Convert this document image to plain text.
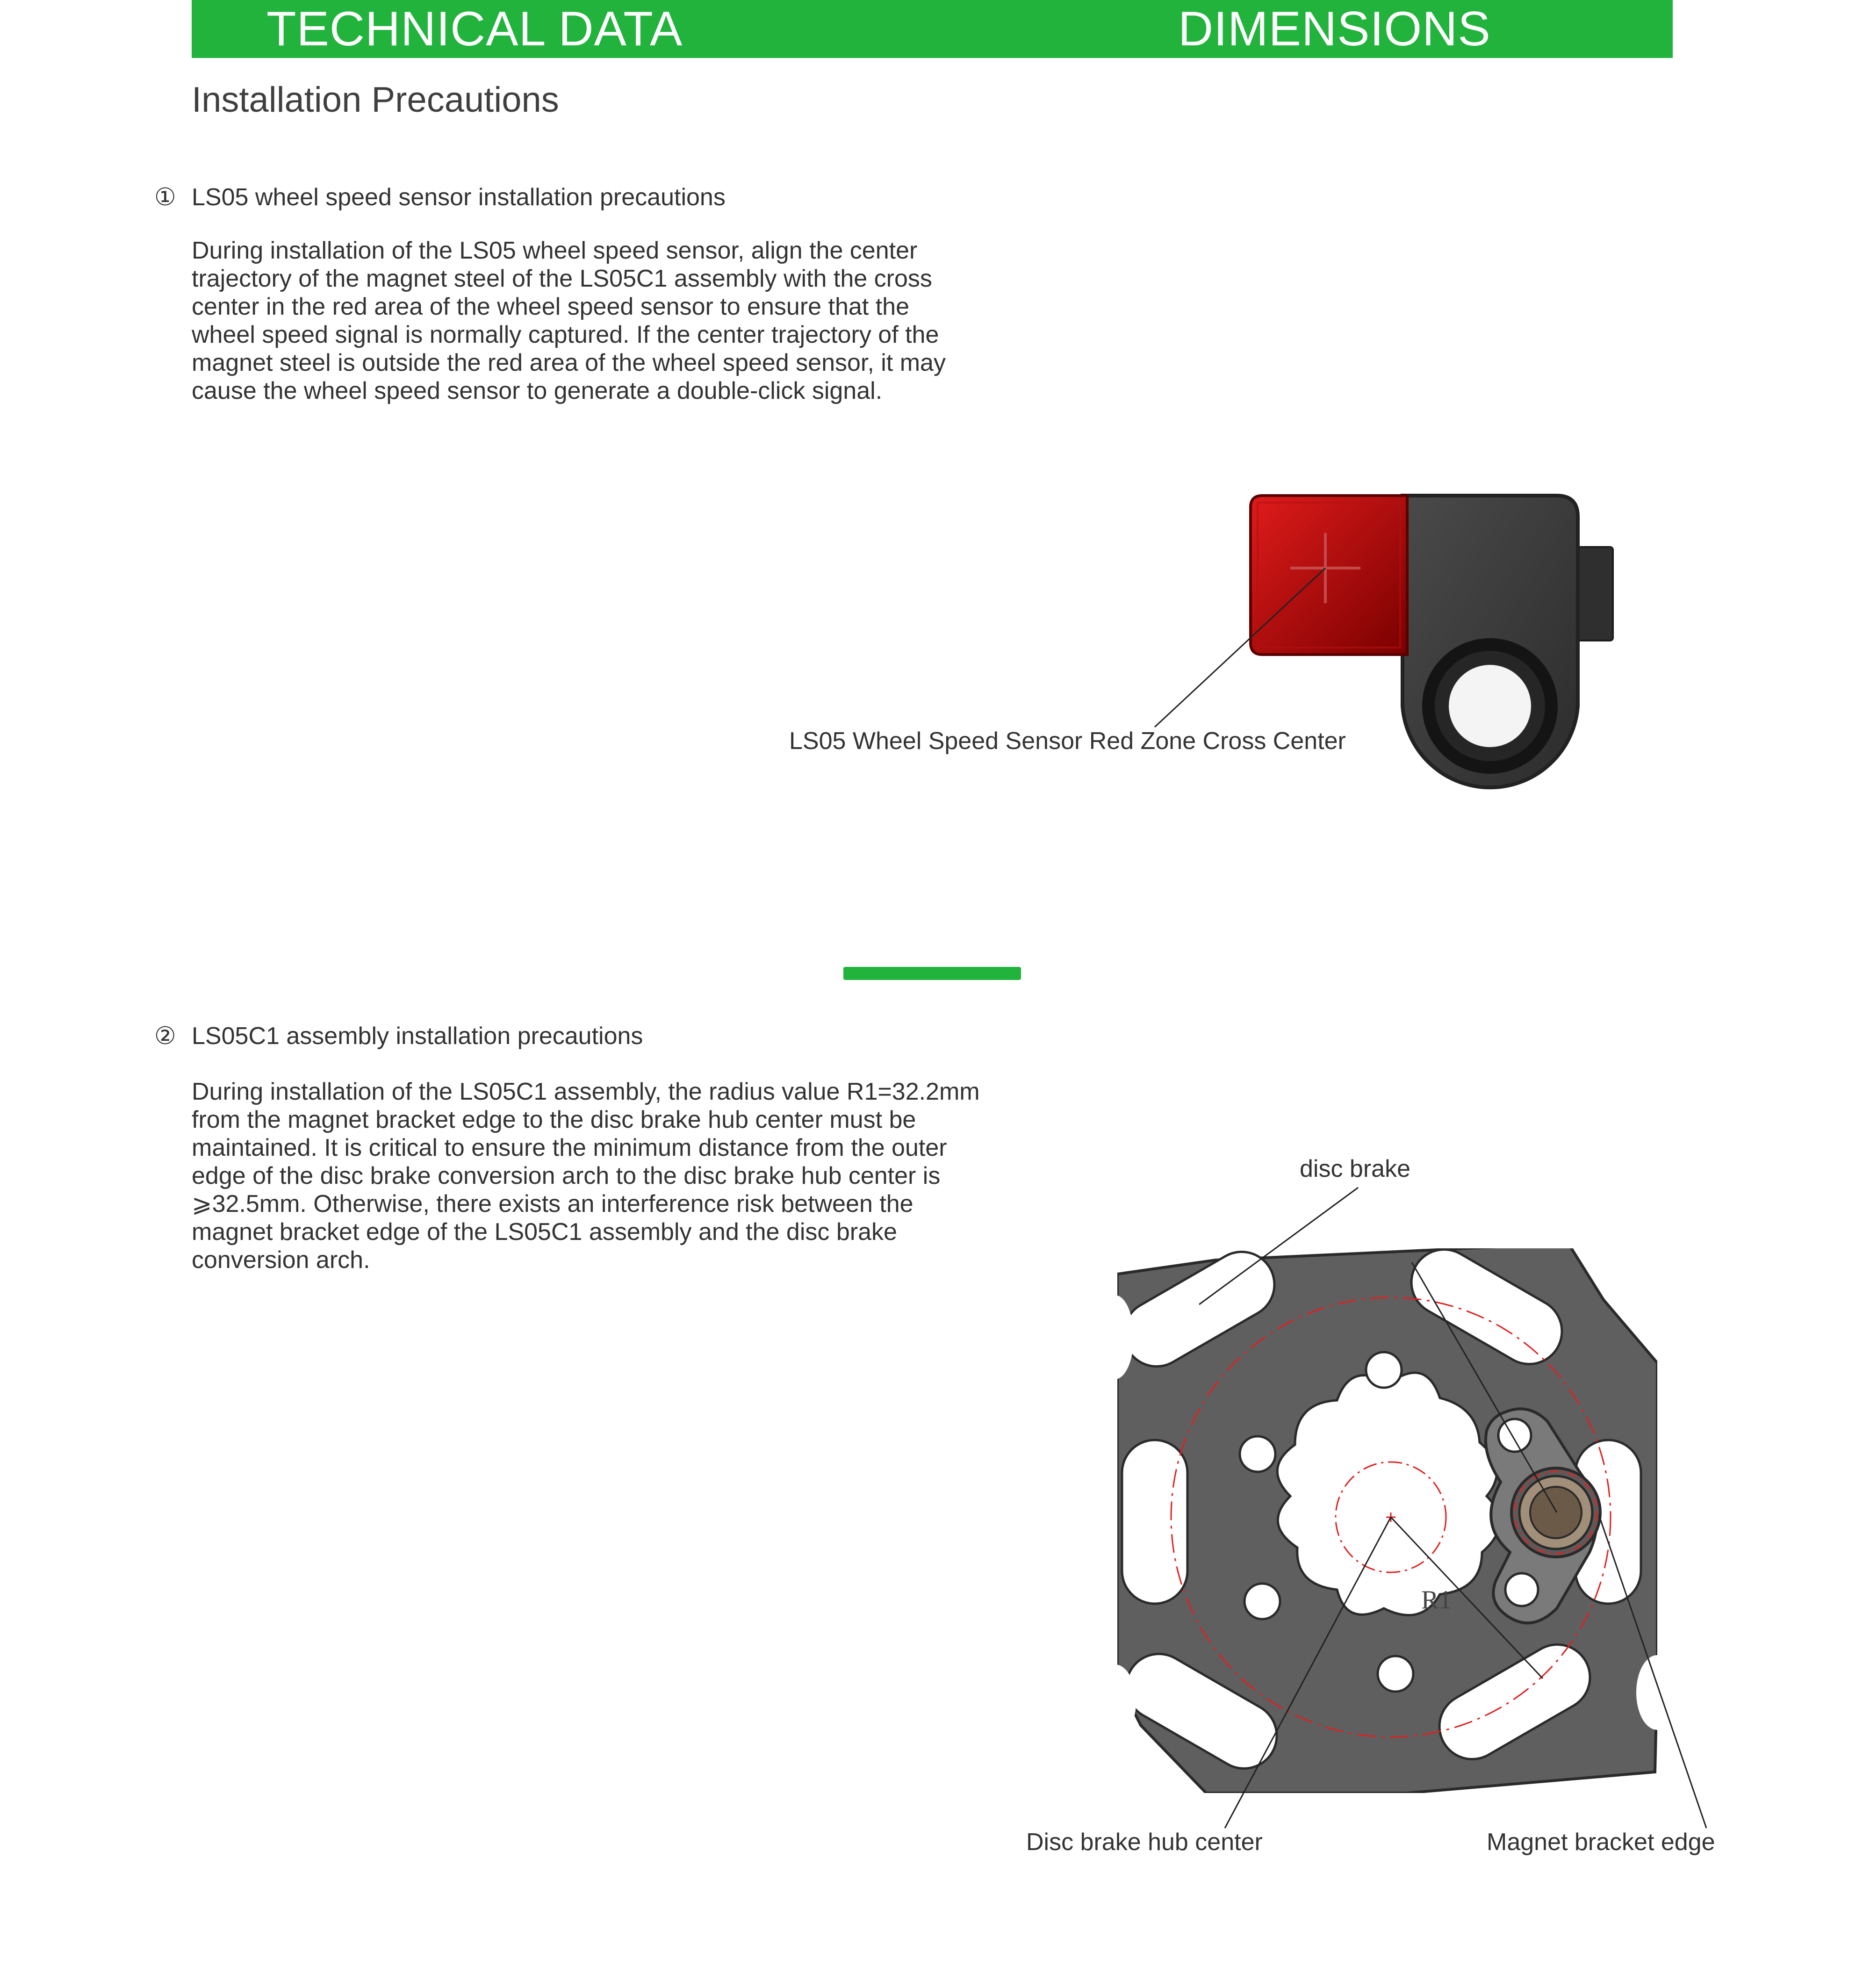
TECHNICAL DATA	DIMENSIONS
Installation Precautions
① LS05 wheel speed sensor installation precautions

During installation of the LS05 wheel speed sensor, align the center
trajectory of the magnet steel of the LS05C1 assembly with the cross
center in the red area of the wheel speed sensor to ensure that the
wheel speed signal is normally captured. If the center trajectory of the
magnet steel is outside the red area of the wheel speed sensor, it may
cause the wheel speed sensor to generate a double-click signal.

LS05 Wheel Speed Sensor Red Zone Cross Center
② LS05C1 assembly installation precautions

During installation of the LS05C1 assembly, the radius value R1=32.2mm
from the magnet bracket edge to the disc brake hub center must be
maintained. It is critical to ensure the minimum distance from the outer
edge of the disc brake conversion arch to the disc brake hub center is
⩾32.5mm. Otherwise, there exists an interference risk between the
magnet bracket edge of the LS05C1 assembly and the disc brake
conversion arch.

R1
disc brake
Disc brake hub center	Magnet bracket edge
